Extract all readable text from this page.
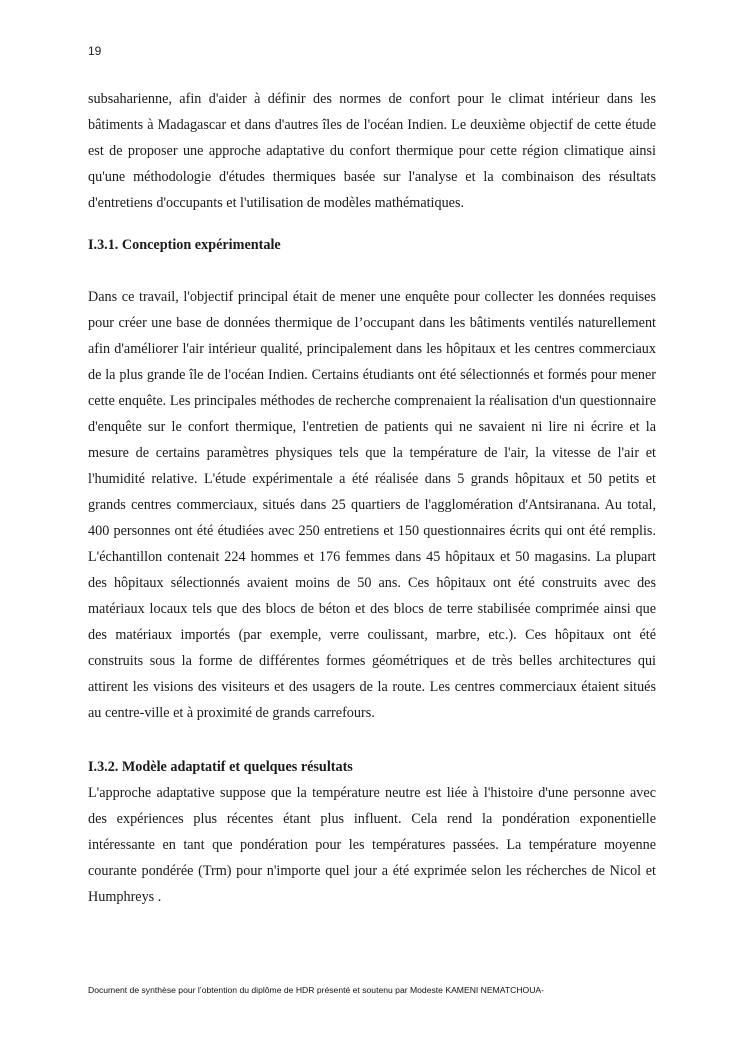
19

subsaharienne, afin d'aider à définir des normes de confort pour le climat intérieur dans les bâtiments à Madagascar et dans d'autres îles de l'océan Indien. Le deuxième objectif de cette étude est de proposer une approche adaptative du confort thermique pour cette région climatique ainsi qu'une méthodologie d'études thermiques basée sur l'analyse et la combinaison des résultats d'entretiens d'occupants et l'utilisation de modèles mathématiques.

I.3.1. Conception expérimentale

Dans ce travail, l'objectif principal était de mener une enquête pour collecter les données requises pour créer une base de données thermique de l’occupant dans les bâtiments ventilés naturellement afin d'améliorer l'air intérieur qualité, principalement dans les hôpitaux et les centres commerciaux de la plus grande île de l'océan Indien. Certains étudiants ont été sélectionnés et formés pour mener cette enquête. Les principales méthodes de recherche comprenaient la réalisation d'un questionnaire d'enquête sur le confort thermique, l'entretien de patients qui ne savaient ni lire ni écrire et la mesure de certains paramètres physiques tels que la température de l'air, la vitesse de l'air et l'humidité relative. L'étude expérimentale a été réalisée dans 5 grands hôpitaux et 50 petits et grands centres commerciaux, situés dans 25 quartiers de l'agglomération d'Antsiranana. Au total, 400 personnes ont été étudiées avec 250 entretiens et 150 questionnaires écrits qui ont été remplis. L'échantillon contenait 224 hommes et 176 femmes dans 45 hôpitaux et 50 magasins. La plupart des hôpitaux sélectionnés avaient moins de 50 ans. Ces hôpitaux ont été construits avec des matériaux locaux tels que des blocs de béton et des blocs de terre stabilisée comprimée ainsi que des matériaux importés (par exemple, verre coulissant, marbre, etc.). Ces hôpitaux ont été construits sous la forme de différentes formes géométriques et de très belles architectures qui attirent les visions des visiteurs et des usagers de la route. Les centres commerciaux étaient situés au centre-ville et à proximité de grands carrefours.

I.3.2. Modèle adaptatif et quelques résultats

L'approche adaptative suppose que la température neutre est liée à l'histoire d'une personne avec des expériences plus récentes étant plus influent. Cela rend la pondération exponentielle intéressante en tant que pondération pour les températures passées. La température moyenne courante pondérée (Trm) pour n'importe quel jour a été exprimée selon les récherches de Nicol et Humphreys .

Document de synthèse pour l’obtention du diplôme de HDR présenté et soutenu par Modeste KAMENI NEMATCHOUA-
